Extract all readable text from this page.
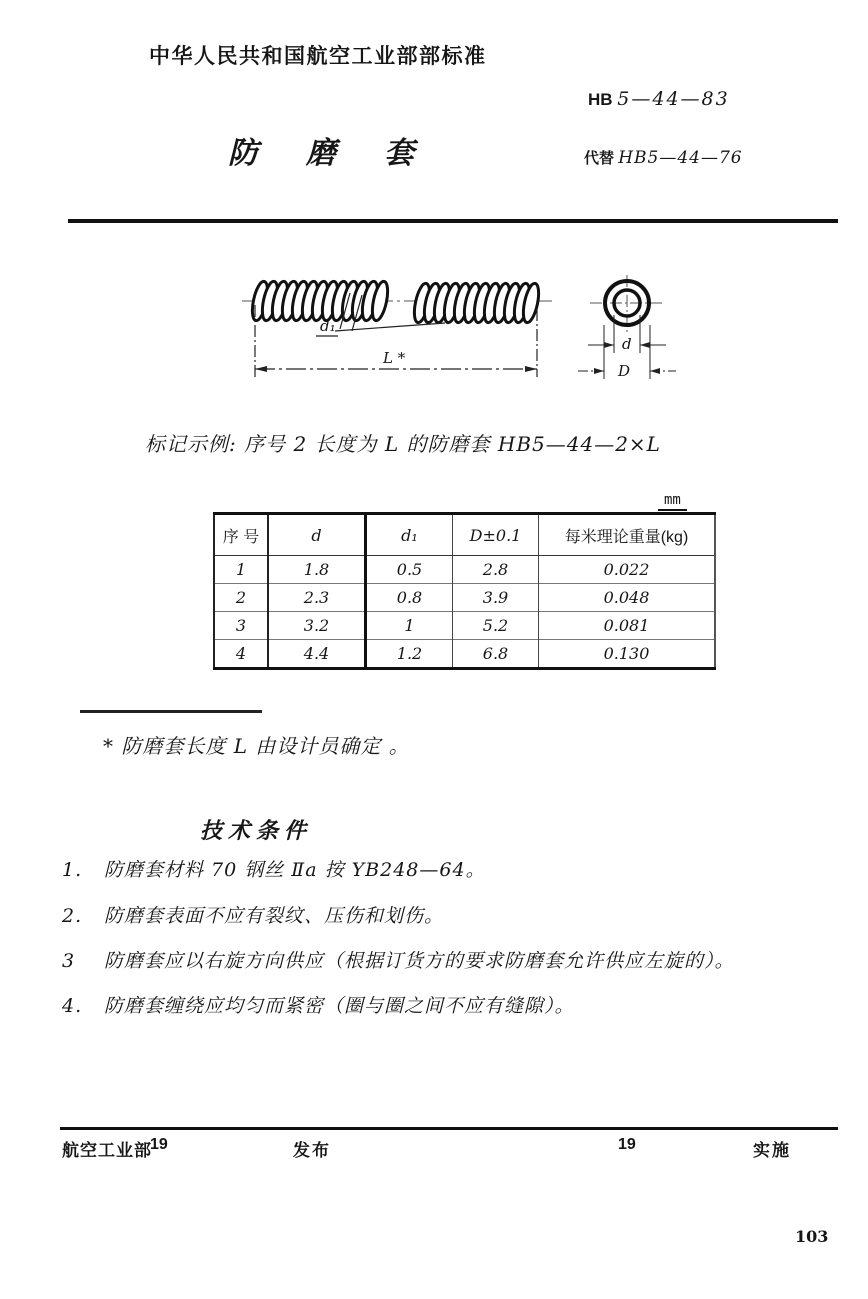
中华人民共和国航空工业部部标准
HB 5—44—83
防磨套	代替 HB5—44—76
d₁
L *
d
D
标记示例: 序号 2 长度为 L 的防磨套 HB5—44—2×L
mm
序 号	d	d₁	D±0.1	每米理论重量(kg)
1	1.8	0.5	2.8	0.022
2	2.3	0.8	3.9	0.048
3	3.2	1	5.2	0.081
4	4.4	1.2	6.8	0.130
* 防磨套长度 L 由设计员确定 。
技术条件
1. 防磨套材料 70 钢丝 Ⅱa 按 YB248—64。
2. 防磨套表面不应有裂纹、压伤和划伤。
3 防磨套应以右旋方向供应（根据订货方的要求防磨套允许供应左旋的）。
4. 防磨套缠绕应均匀而紧密（圈与圈之间不应有缝隙）。
航空工业部
19	发布	19	实施
103
